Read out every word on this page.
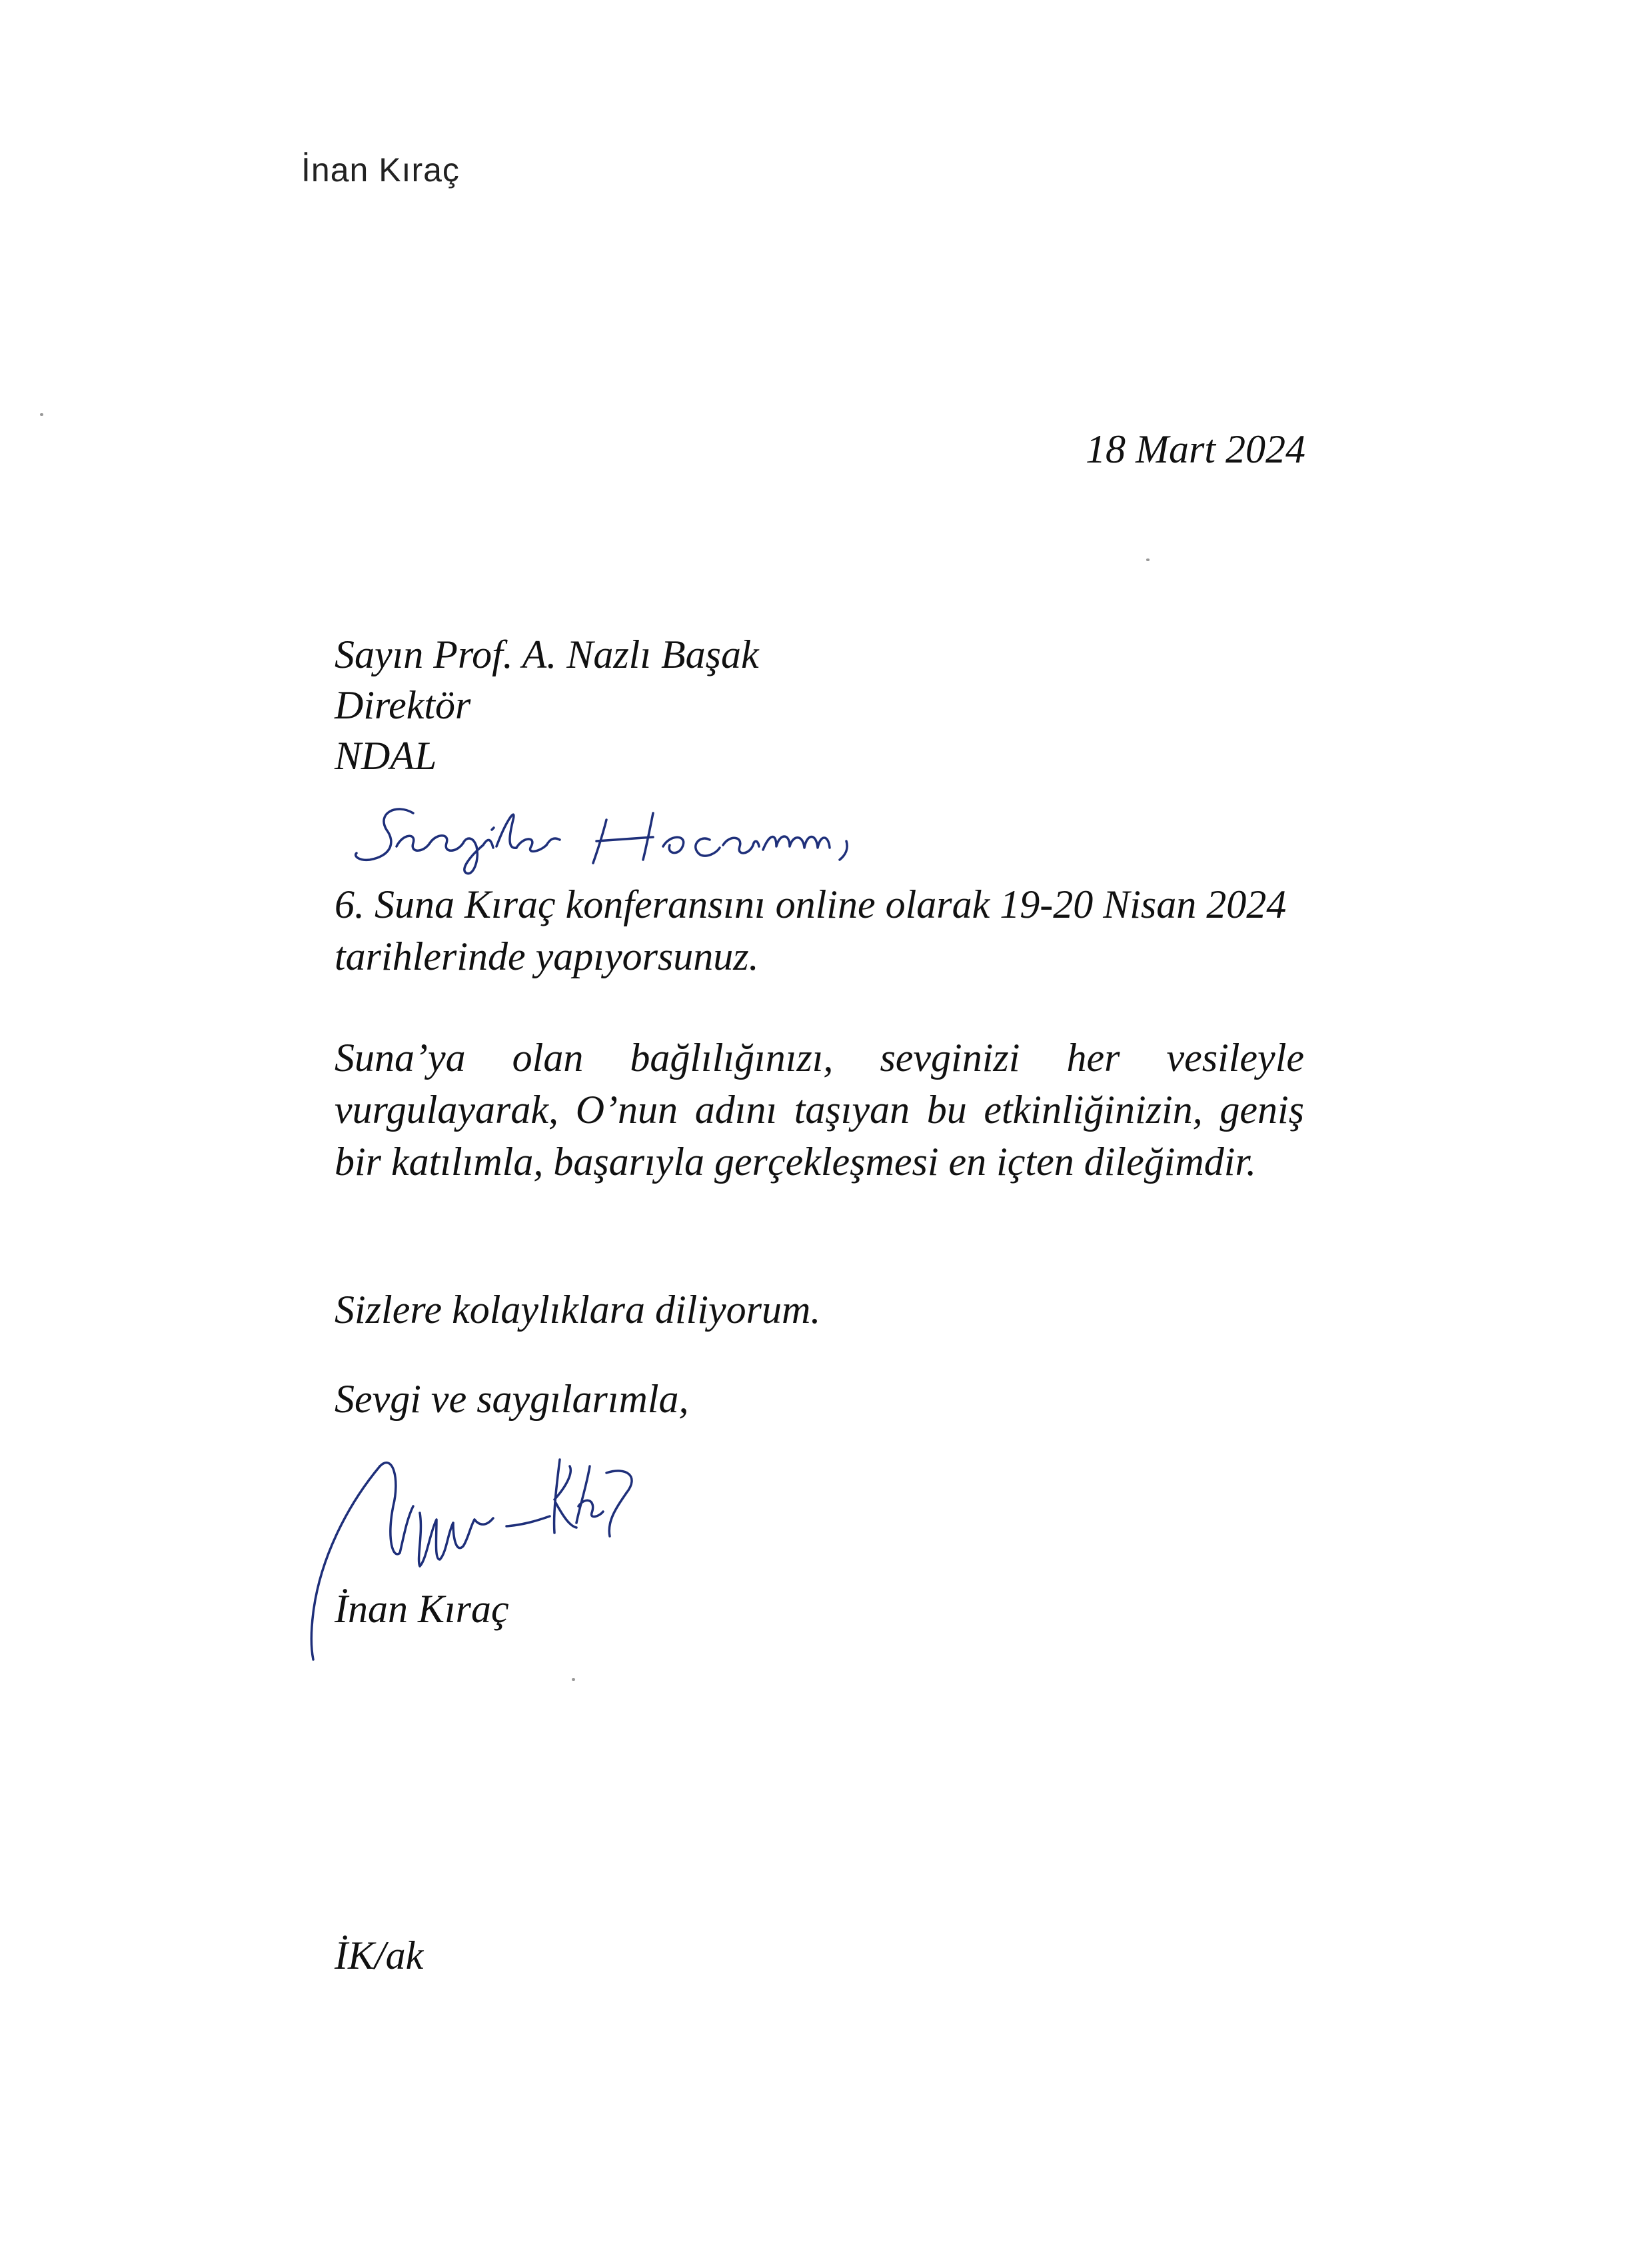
İnan Kıraç
18 Mart 2024
Sayın Prof. A. Nazlı Başak
Direktör
NDAL
6. Suna Kıraç konferansını online olarak 19-20 Nisan 2024 tarihlerinde yapıyorsunuz.
Suna’ya olan bağlılığınızı, sevginizi her vesileyle vurgulayarak, O’nun adını taşıyan bu etkinliğinizin, geniş bir katılımla, başarıyla gerçekleşmesi en içten dileğimdir.
Sizlere kolaylıklara diliyorum.
Sevgi ve saygılarımla,
İnan Kıraç
İK/ak
